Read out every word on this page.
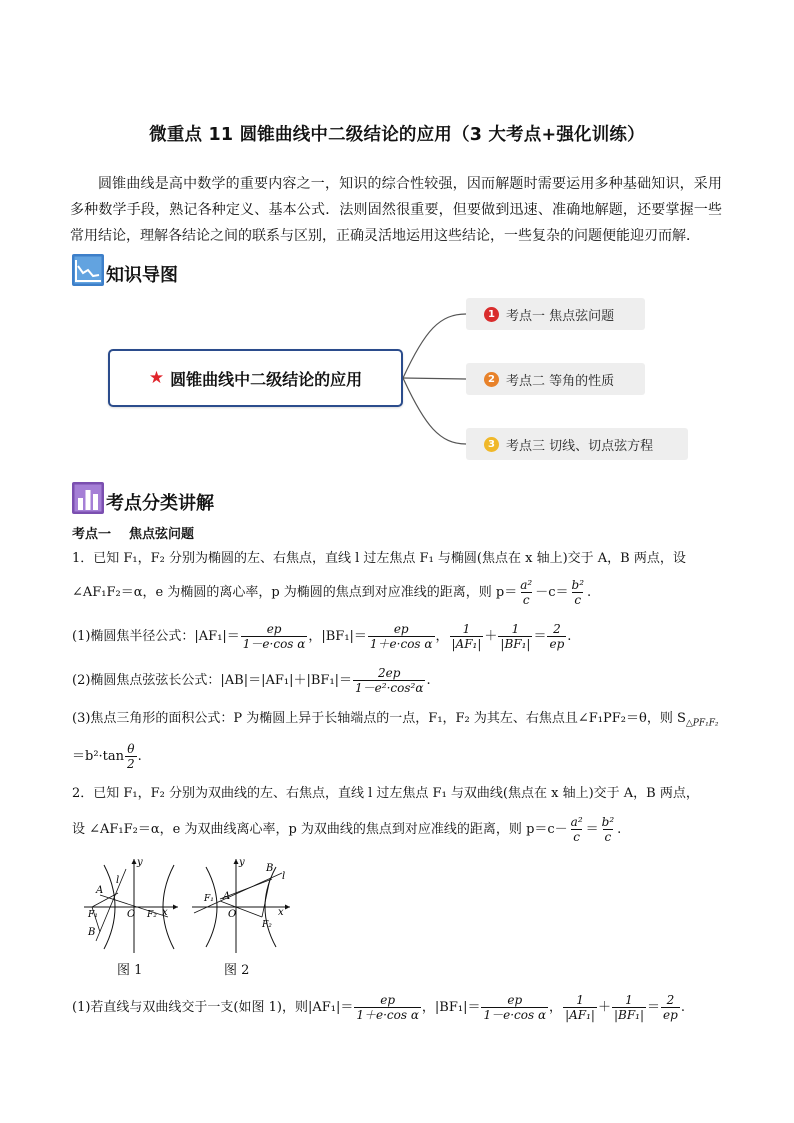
微重点 11 圆锥曲线中二级结论的应用（3 大考点+强化训练）

圆锥曲线是高中数学的重要内容之一，知识的综合性较强，因而解题时需要运用多种基础知识，采用多种数学手段，熟记各种定义、基本公式．法则固然很重要，但要做到迅速、准确地解题，还要掌握一些常用结论，理解各结论之间的联系与区别，正确灵活地运用这些结论，一些复杂的问题便能迎刃而解．

知识导图
★ 圆锥曲线中二级结论的应用
1 考点一 焦点弦问题
2 考点二 等角的性质
3 考点三 切线、切点弦方程
考点分类讲解
考点一 焦点弦问题
1．已知 F₁，F₂ 分别为椭圆的左、右焦点，直线 l 过左焦点 F₁ 与椭圆(焦点在 x 轴上)交于 A，B 两点，设
∠AF₁F₂＝α，e 为椭圆的离心率，p 为椭圆的焦点到对应准线的距离，则 $p= \frac{\text{a²}}{c} -c= \frac{\text{b²}}{c}$ .
(1)椭圆焦半径公式：$|AF_1|= \frac{ep}{\text{1－e·cos α}}$ ，$|BF_1|= \frac{ep}{\text{1＋e·cos α}}$ ， $\frac{1}{\text{|AF₁|}} + \frac{1}{\text{|BF₁|}} = \frac{2}{ep}$ .
(2)椭圆焦点弦弦长公式：$|AB|=|AF_1|+|BF_1|= \frac{2ep}{\text{1－e²·cos²α}}$ .
(3)焦点三角形的面积公式：P 为椭圆上异于长轴端点的一点，F₁，F₂ 为其左、右焦点且∠F₁PF₂＝θ，则 $S_{\triangle PF_1F_2}$
$=b^2\cdot\tan \frac{\theta}{2}$ .
2．已知 F₁，F₂ 分别为双曲线的左、右焦点，直线 l 过左焦点 F₁ 与双曲线(焦点在 x 轴上)交于 A，B 两点，
设 ∠AF₁F₂＝α，e 为双曲线离心率，p 为双曲线的焦点到对应准线的距离，则 $p=c- \frac{\text{a²}}{c} = \frac{\text{b²}}{c}$ .
y
x
O
A
B
l
F₁	F₂
图 1
y
x
O
A
B
l
F₁
F₂
图 2
(1)若直线与双曲线交于一支(如图 1)，则$|AF_1|= \frac{ep}{\text{1＋e·cos α}}$ ，$|BF_1|= \frac{ep}{\text{1－e·cos α}}$ ， $\frac{1}{\text{|AF₁|}} + \frac{1}{\text{|BF₁|}} = \frac{2}{ep}$ .
